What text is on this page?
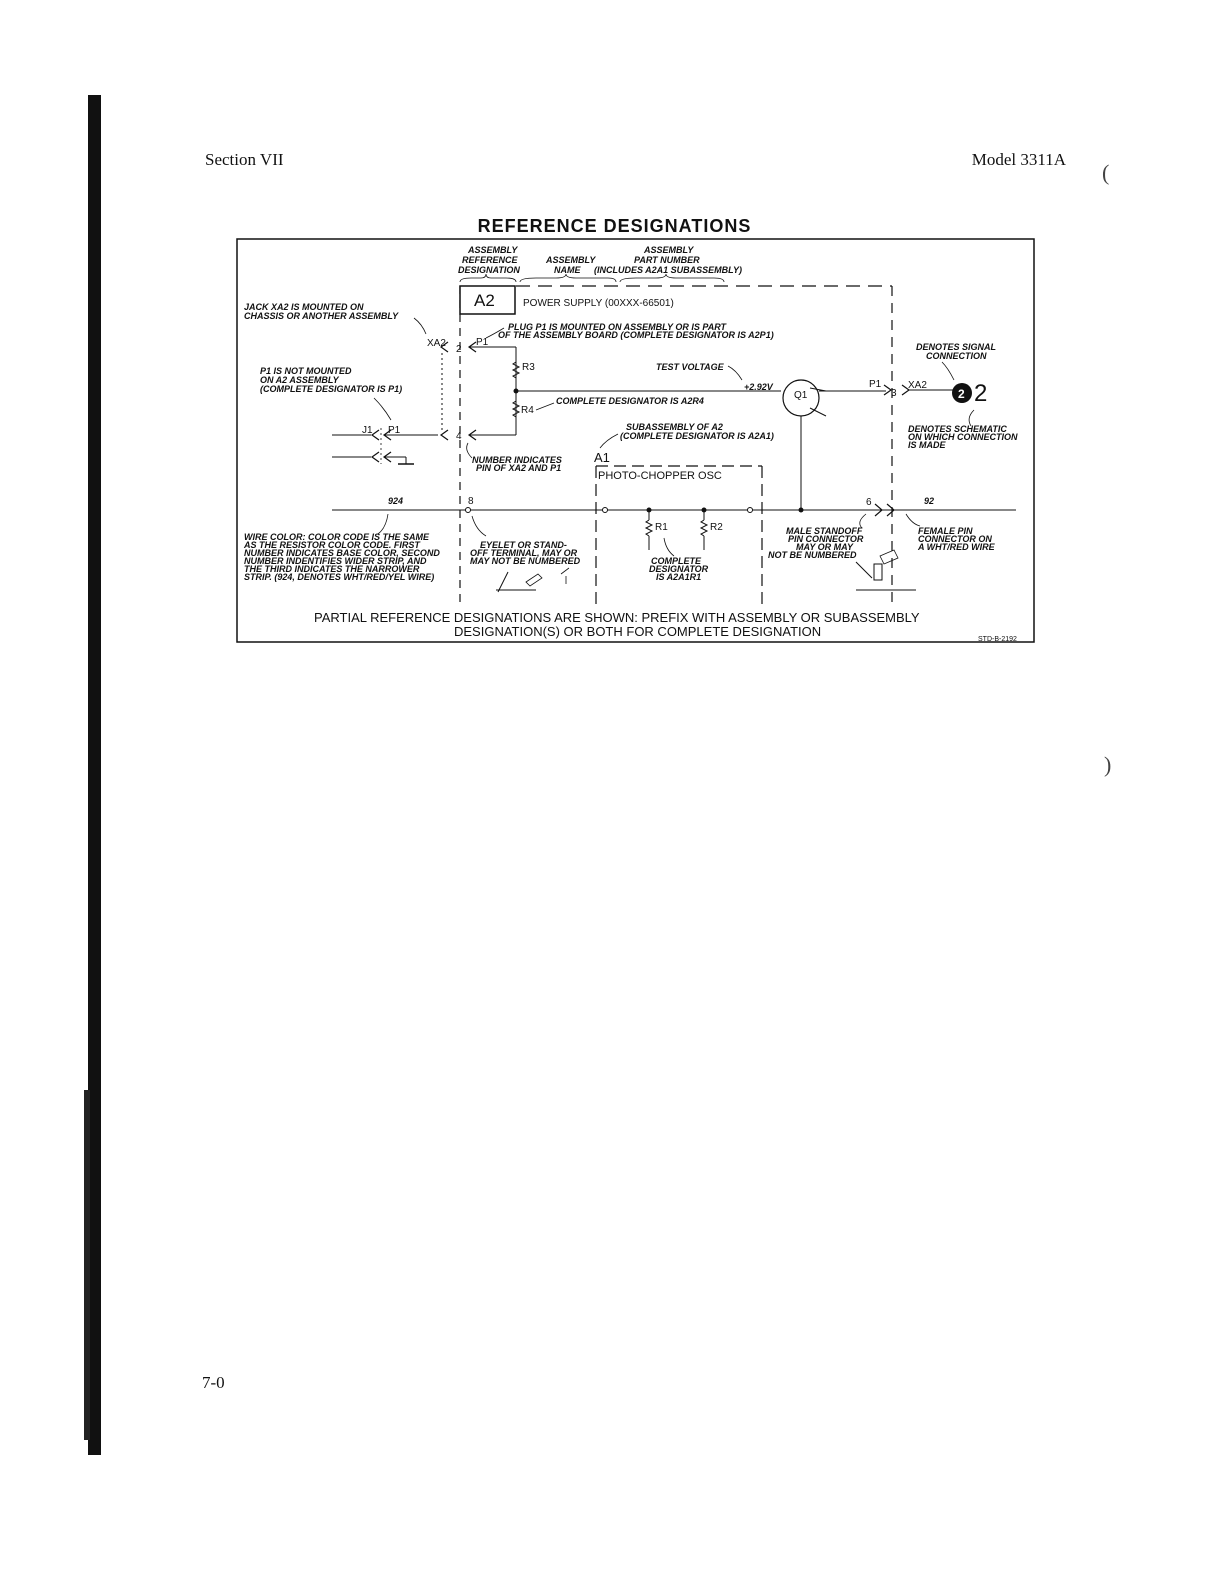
Section VII	Model 3311A
REFERENCE DESIGNATIONS
ASSEMBLY
REFERENCE
DESIGNATION
ASSEMBLY
NAME
ASSEMBLY
PART NUMBER
(INCLUDES A2A1 SUBASSEMBLY)
A2	POWER SUPPLY (00XXX-66501)
JACK XA2 IS MOUNTED ON
CHASSIS OR ANOTHER ASSEMBLY
XA2
PLUG P1 IS MOUNTED ON ASSEMBLY OR IS PART
OF THE ASSEMBLY BOARD (COMPLETE DESIGNATOR IS A2P1)
P1
2
R3
R4
COMPLETE DESIGNATOR IS A2R4
TEST VOLTAGE
+2.92V
Q1
P1
3
XA2
2 2
DENOTES SIGNAL
CONNECTION
DENOTES SCHEMATIC
ON WHICH CONNECTION
IS MADE
P1 IS NOT MOUNTED
ON A2 ASSEMBLY
(COMPLETE DESIGNATOR IS P1)
J1 P1
4
NUMBER INDICATES
PIN OF XA2 AND P1
SUBASSEMBLY OF A2
(COMPLETE DESIGNATOR IS A2A1)
A1
PHOTO-CHOPPER OSC
924	8	6	92
R1	R2
COMPLETE
DESIGNATOR
IS A2A1R1
WIRE COLOR: COLOR CODE IS THE SAME
AS THE RESISTOR COLOR CODE. FIRST
NUMBER INDICATES BASE COLOR, SECOND
NUMBER INDENTIFIES WIDER STRIP, AND
THE THIRD INDICATES THE NARROWER
STRIP. (924, DENOTES WHT/RED/YEL WIRE)
EYELET OR STAND-
OFF TERMINAL, MAY OR
MAY NOT BE NUMBERED
MALE STANDOFF
PIN CONNECTOR
MAY OR MAY
NOT BE NUMBERED
FEMALE PIN
CONNECTOR ON
A WHT/RED WIRE
PARTIAL REFERENCE DESIGNATIONS ARE SHOWN: PREFIX WITH ASSEMBLY OR SUBASSEMBLY
DESIGNATION(S) OR BOTH FOR COMPLETE DESIGNATION
STD-B-2192
7-0
(
)
